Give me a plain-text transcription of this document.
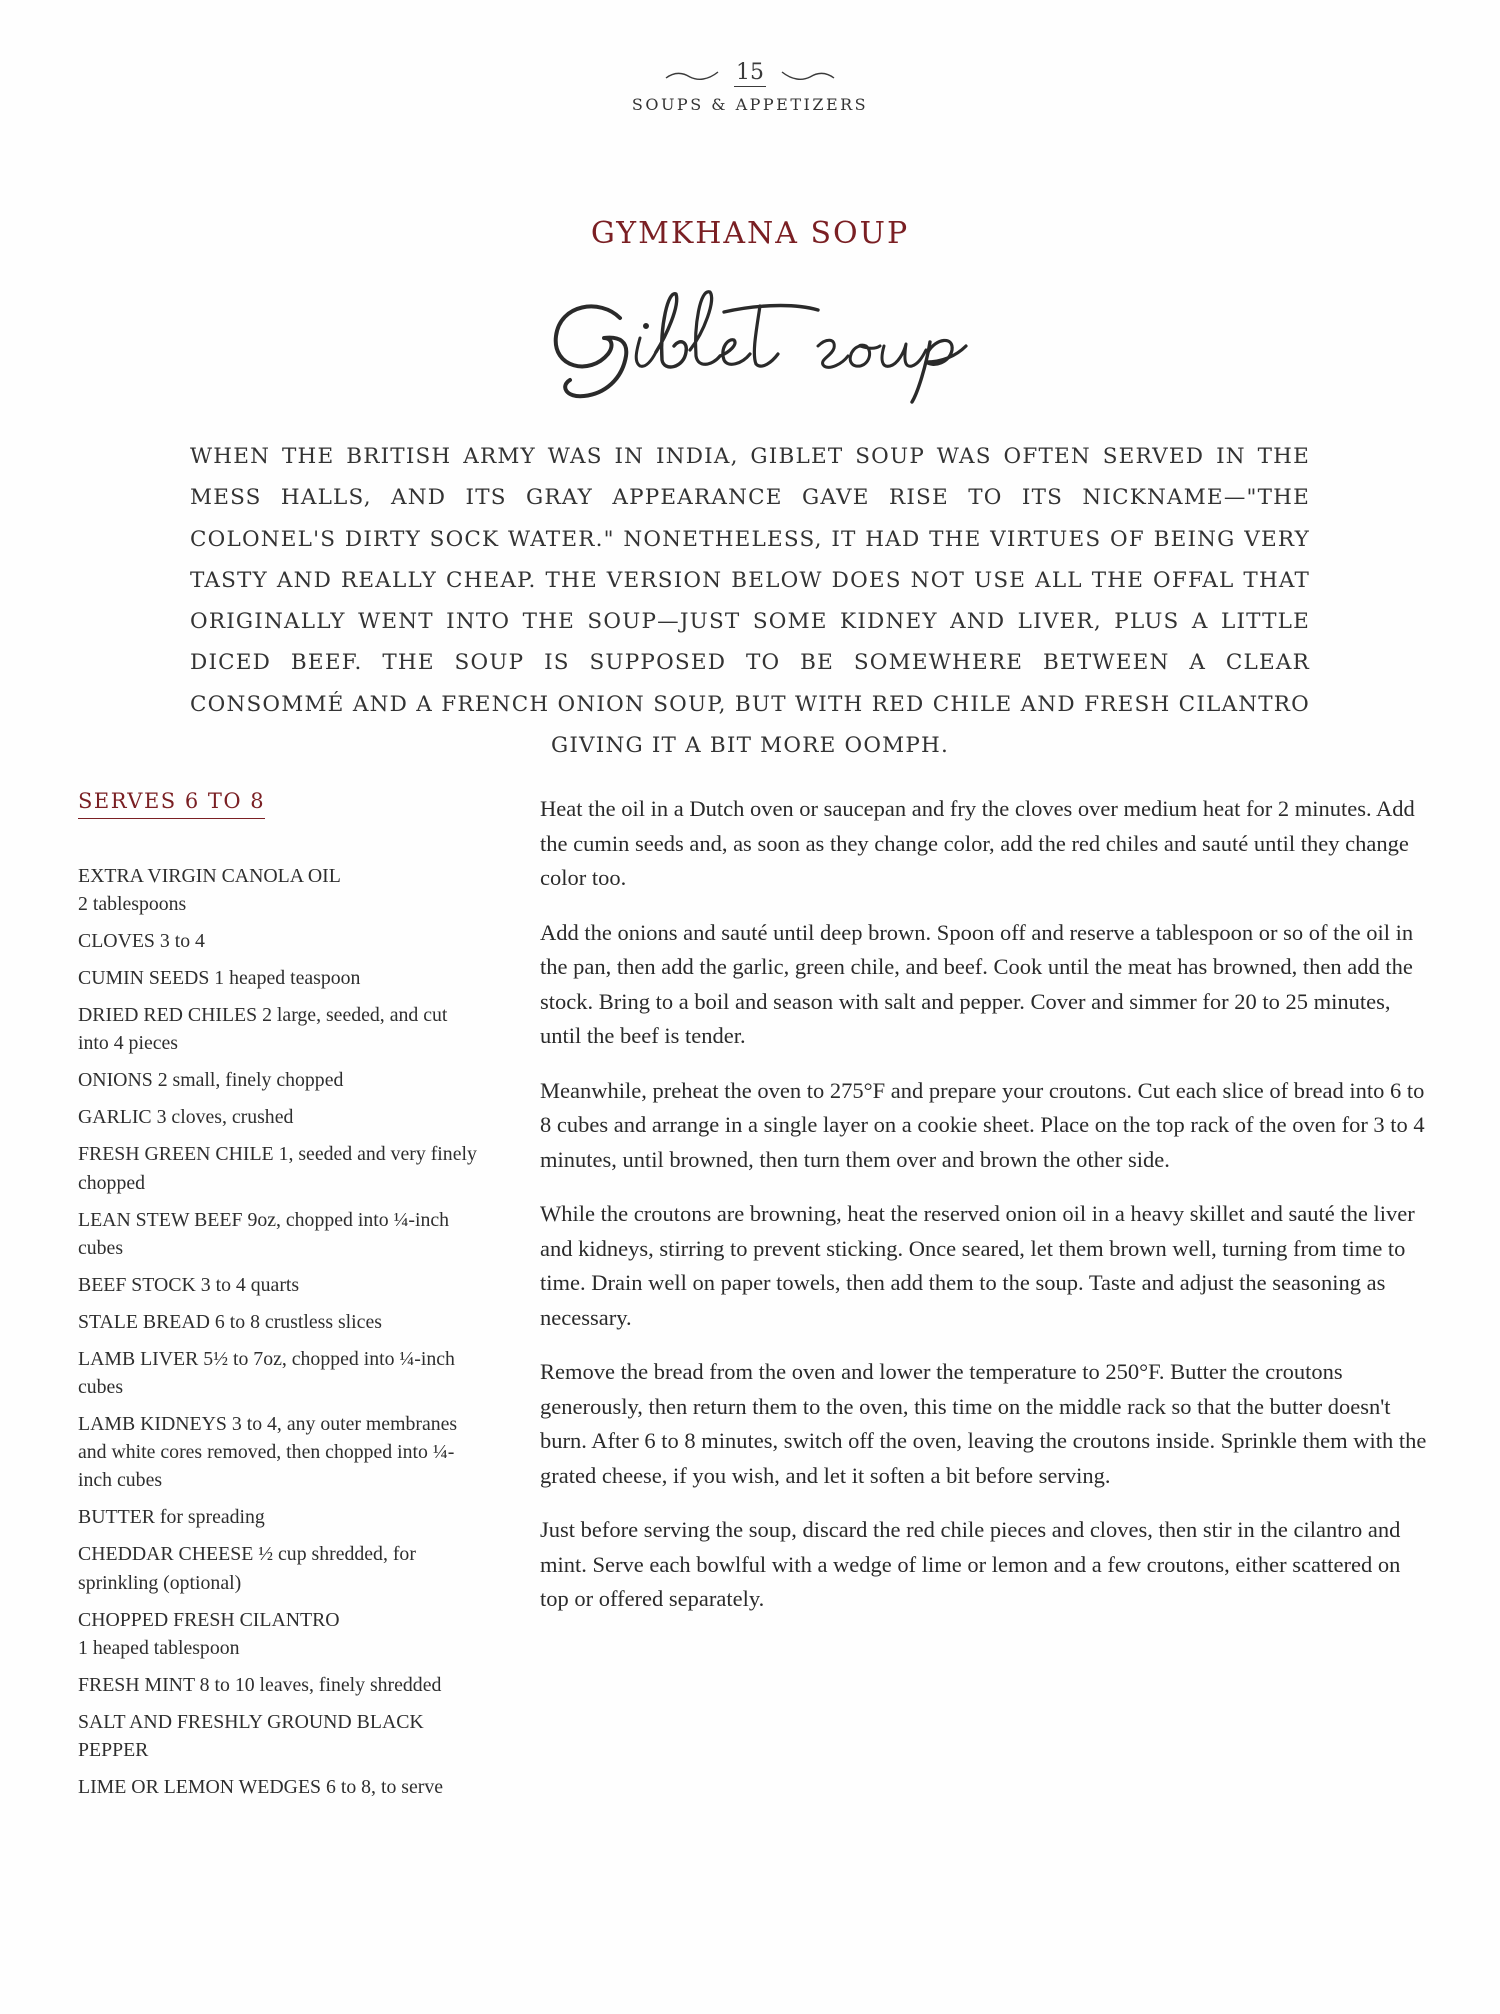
15
SOUPS & APPETIZERS
GYMKHANA SOUP
WHEN THE BRITISH ARMY WAS IN INDIA, GIBLET SOUP WAS OFTEN SERVED IN THE MESS HALLS, AND ITS GRAY APPEARANCE GAVE RISE TO ITS NICKNAME—"THE COLONEL'S DIRTY SOCK WATER." NONETHELESS, IT HAD THE VIRTUES OF BEING VERY TASTY AND REALLY CHEAP. THE VERSION BELOW DOES NOT USE ALL THE OFFAL THAT ORIGINALLY WENT INTO THE SOUP—JUST SOME KIDNEY AND LIVER, PLUS A LITTLE DICED BEEF. THE SOUP IS SUPPOSED TO BE SOMEWHERE BETWEEN A CLEAR CONSOMMÉ AND A FRENCH ONION SOUP, BUT WITH RED CHILE AND FRESH CILANTRO GIVING IT A BIT MORE OOMPH.
SERVES 6 TO 8
EXTRA VIRGIN CANOLA OIL
2 tablespoons
CLOVES 3 to 4
CUMIN SEEDS 1 heaped teaspoon
DRIED RED CHILES 2 large, seeded, and cut into 4 pieces
ONIONS 2 small, finely chopped
GARLIC 3 cloves, crushed
FRESH GREEN CHILE 1, seeded and very finely chopped
LEAN STEW BEEF 9oz, chopped into ¼-inch cubes
BEEF STOCK 3 to 4 quarts
STALE BREAD 6 to 8 crustless slices
LAMB LIVER 5½ to 7oz, chopped into ¼-inch cubes
LAMB KIDNEYS 3 to 4, any outer membranes and white cores removed, then chopped into ¼-inch cubes
BUTTER for spreading
CHEDDAR CHEESE ½ cup shredded, for sprinkling (optional)
CHOPPED FRESH CILANTRO
1 heaped tablespoon
FRESH MINT 8 to 10 leaves, finely shredded
SALT AND FRESHLY GROUND BLACK PEPPER
LIME OR LEMON WEDGES 6 to 8, to serve

Heat the oil in a Dutch oven or saucepan and fry the cloves over medium heat for 2 minutes. Add the cumin seeds and, as soon as they change color, add the red chiles and sauté until they change color too.

Add the onions and sauté until deep brown. Spoon off and reserve a tablespoon or so of the oil in the pan, then add the garlic, green chile, and beef. Cook until the meat has browned, then add the stock. Bring to a boil and season with salt and pepper. Cover and simmer for 20 to 25 minutes, until the beef is tender.

Meanwhile, preheat the oven to 275°F and prepare your croutons. Cut each slice of bread into 6 to 8 cubes and arrange in a single layer on a cookie sheet. Place on the top rack of the oven for 3 to 4 minutes, until browned, then turn them over and brown the other side.

While the croutons are browning, heat the reserved onion oil in a heavy skillet and sauté the liver and kidneys, stirring to prevent sticking. Once seared, let them brown well, turning from time to time. Drain well on paper towels, then add them to the soup. Taste and adjust the seasoning as necessary.

Remove the bread from the oven and lower the temperature to 250°F. Butter the croutons generously, then return them to the oven, this time on the middle rack so that the butter doesn't burn. After 6 to 8 minutes, switch off the oven, leaving the croutons inside. Sprinkle them with the grated cheese, if you wish, and let it soften a bit before serving.

Just before serving the soup, discard the red chile pieces and cloves, then stir in the cilantro and mint. Serve each bowlful with a wedge of lime or lemon and a few croutons, either scattered on top or offered separately.
